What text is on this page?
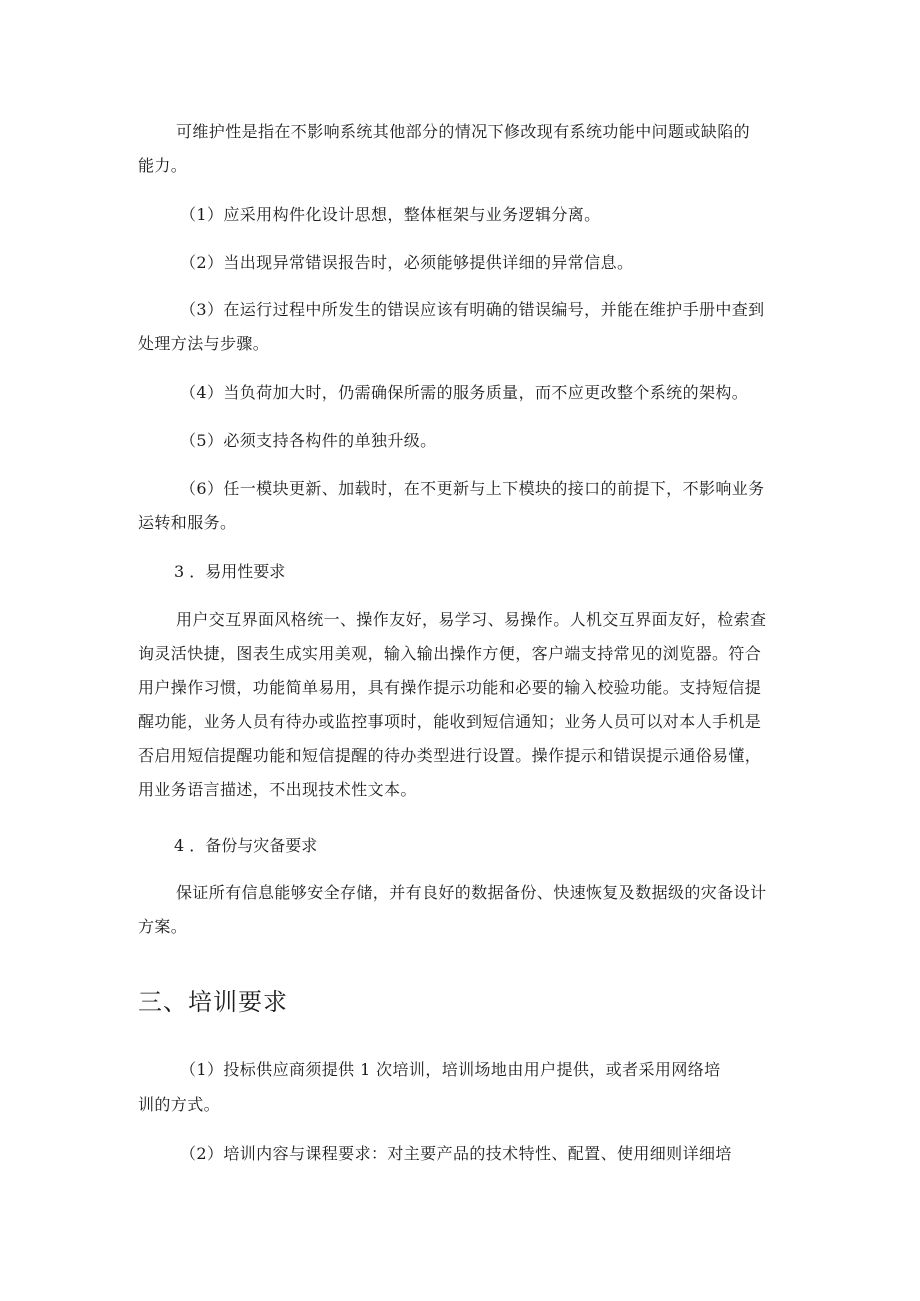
可维护性是指在不影响系统其他部分的情况下修改现有系统功能中问题或缺陷的
能力。
（1）应采用构件化设计思想，整体框架与业务逻辑分离。
（2）当出现异常错误报告时，必须能够提供详细的异常信息。
（3）在运行过程中所发生的错误应该有明确的错误编号，并能在维护手册中查到
处理方法与步骤。
（4）当负荷加大时，仍需确保所需的服务质量，而不应更改整个系统的架构。
（5）必须支持各构件的单独升级。
（6）任一模块更新、加载时，在不更新与上下模块的接口的前提下，不影响业务
运转和服务。
3 ．易用性要求
用户交互界面风格统一、操作友好，易学习、易操作。人机交互界面友好，检索查
询灵活快捷，图表生成实用美观，输入输出操作方便，客户端支持常见的浏览器。符合
用户操作习惯，功能简单易用，具有操作提示功能和必要的输入校验功能。支持短信提
醒功能，业务人员有待办或监控事项时，能收到短信通知；业务人员可以对本人手机是
否启用短信提醒功能和短信提醒的待办类型进行设置。操作提示和错误提示通俗易懂，
用业务语言描述，不出现技术性文本。
4 ．备份与灾备要求
保证所有信息能够安全存储，并有良好的数据备份、快速恢复及数据级的灾备设计
方案。
三、培训要求
（1）投标供应商须提供 1 次培训，培训场地由用户提供，或者采用网络培
训的方式。
（2）培训内容与课程要求：对主要产品的技术特性、配置、使用细则详细培
